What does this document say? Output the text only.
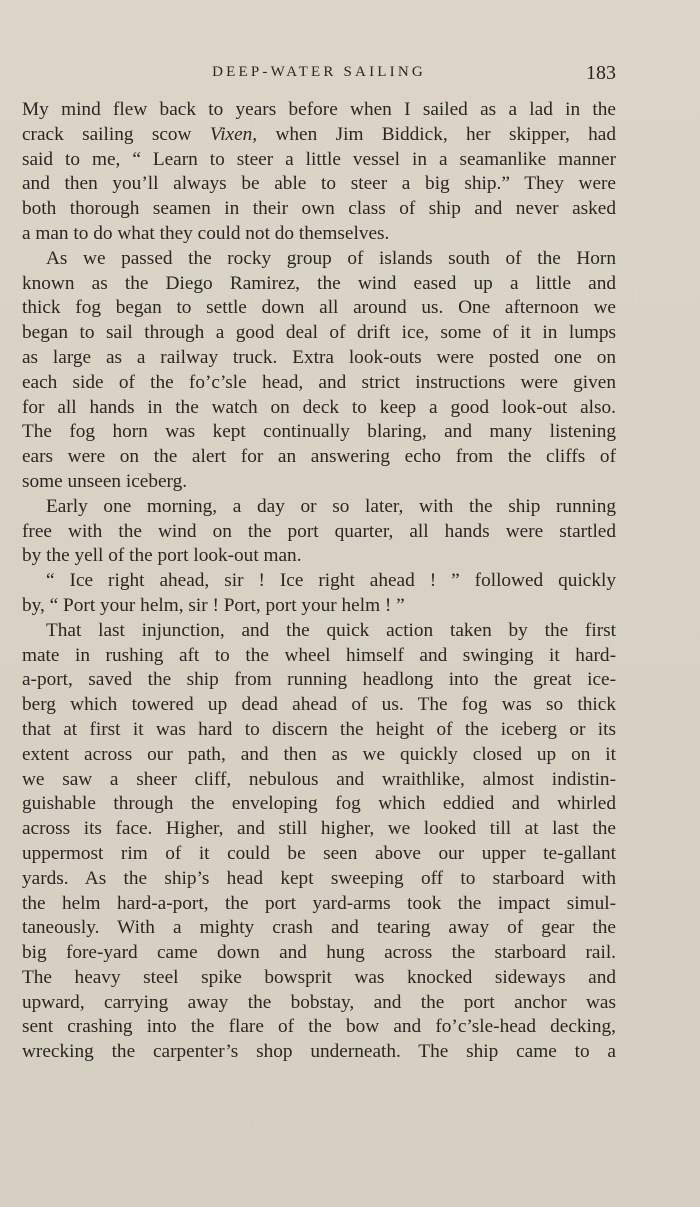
DEEP-WATER SAILING	183
My mind flew back to years before when I sailed as a lad in the
crack sailing scow Vixen, when Jim Biddick, her skipper, had
said to me, “ Learn to steer a little vessel in a seamanlike manner
and then you’ll always be able to steer a big ship.” They were
both thorough seamen in their own class of ship and never asked
a man to do what they could not do themselves.
As we passed the rocky group of islands south of the Horn
known as the Diego Ramirez, the wind eased up a little and
thick fog began to settle down all around us. One afternoon we
began to sail through a good deal of drift ice, some of it in lumps
as large as a railway truck. Extra look-outs were posted one on
each side of the fo’c’sle head, and strict instructions were given
for all hands in the watch on deck to keep a good look-out also.
The fog horn was kept continually blaring, and many listening
ears were on the alert for an answering echo from the cliffs of
some unseen iceberg.
Early one morning, a day or so later, with the ship running
free with the wind on the port quarter, all hands were startled
by the yell of the port look-out man.
“ Ice right ahead, sir ! Ice right ahead ! ” followed quickly
by, “ Port your helm, sir ! Port, port your helm ! ”
That last injunction, and the quick action taken by the first
mate in rushing aft to the wheel himself and swinging it hard-
a-port, saved the ship from running headlong into the great ice-
berg which towered up dead ahead of us. The fog was so thick
that at first it was hard to discern the height of the iceberg or its
extent across our path, and then as we quickly closed up on it
we saw a sheer cliff, nebulous and wraithlike, almost indistin-
guishable through the enveloping fog which eddied and whirled
across its face. Higher, and still higher, we looked till at last the
uppermost rim of it could be seen above our upper te-gallant
yards. As the ship’s head kept sweeping off to starboard with
the helm hard-a-port, the port yard-arms took the impact simul-
taneously. With a mighty crash and tearing away of gear the
big fore-yard came down and hung across the starboard rail.
The heavy steel spike bowsprit was knocked sideways and
upward, carrying away the bobstay, and the port anchor was
sent crashing into the flare of the bow and fo’c’sle-head decking,
wrecking the carpenter’s shop underneath. The ship came to a
